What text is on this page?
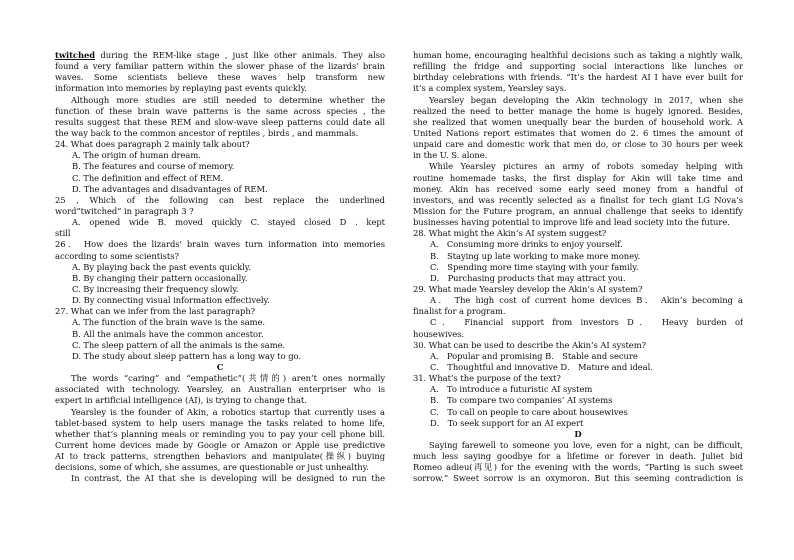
twitched during the REM-like stage , just like other animals. They also
found a very familiar pattern within the slower phase of the lizards' brain
waves. Some scientists believe these waves help transform new
information into memories by replaying past events quickly.
Although more studies are still needed to determine whether the
function of these brain wave patterns is the same across species , the
results suggest that these REM and slow-wave sleep patterns could date all
the way back to the common ancestor of reptiles , birds , and mammals.
24. What does paragraph 2 mainly talk about?
A. The origin of human dream.
B. The features and course of memory.
C. The definition and effect of REM.
D. The advantages and disadvantages of REM.
25 , Which of the following can best replace the underlined
word“twitched” in paragraph 3 ?
A. opened wide B. moved quickly C. stayed closed D . kept
still
26． How does the lizards' brain waves turn information into memories
according to some scientists?
A. By playing back the past events quickly.
B. By changing their pattern occasionally.
C. By increasing their frequency slowly.
D. By connecting visual information effectively.
27. What can we infer from the last paragraph?
A. The function of the brain wave is the same.
B. All the animals have the common ancestor.
C. The sleep pattern of all the animals is the same.
D. The study about sleep pattern has a long way to go.
C
The words “caring” and “empathetic”(共情的) aren’t ones normally
associated with technology. Yearsley, an Australian enterpriser who is
expert in artificial intelligence (AI), is trying to change that.
Yearsley is the founder of Akin, a robotics startup that currently uses a
tablet-based system to help users manage the tasks related to home life,
whether that’s planning meals or reminding you to pay your cell phone bill.
Current home devices made by Google or Amazon or Apple use predictive
AI to track patterns, strengthen behaviors and manipulate(操纵) buying
decisions, some of which, she assumes, are questionable or just unhealthy.
In contrast, the AI that she is developing will be designed to run the
human home, encouraging healthful decisions such as taking a nightly walk,
refilling the fridge and supporting social interactions like lunches or
birthday celebrations with friends. “It’s the hardest AI I have ever built for
it’s a complex system, Yearsley says.
Yearsley began developing the Akin technology in 2017, when she
realized the need to better manage the home is hugely ignored. Besides,
she realized that women unequally bear the burden of household work. A
United Nations report estimates that women do 2. 6 times the amount of
unpaid care and domestic work that men do, or close to 30 hours per week
in the U. S. alone.
While Yearsley pictures an army of robots someday helping with
routine homemade tasks, the first display for Akin will take time and
money. Akin has received some early seed money from a handful of
investors, and was recently selected as a finalist for tech giant LG Nova’s
Mission for the Future program, an annual challenge that seeks to identify
businesses having potential to improve life and lead society into the future.
28. What might the Akin’s AI system suggest?
A． Consuming more drinks to enjoy yourself.
B． Staying up late working to make more money.
C． Spending more time staying with your family.
D． Purchasing products that may attract you.
29. What made Yearsley develop the Akin’s AI system?
A． The high cost of current home devices B． Akin’s becoming a
finalist for a program.
C． Financial support from investors D． Heavy burden of
housewives.
30. What can be used to describe the Akin’s AI system?
A． Popular and promising B． Stable and secure
C． Thoughtful and innovative D． Mature and ideal.
31. What’s the purpose of the text?
A． To introduce a futuristic AI system
B． To compare two companies’ AI systems
C． To call on people to care about housewives
D． To seek support for an AI expert
D
Saying farewell to someone you love, even for a night, can be difficult,
much less saying goodbye for a lifetime or forever in death. Juliet bid
Romeo adieu(再见) for the evening with the words, “Parting is such sweet
sorrow.” Sweet sorrow is an oxymoron. But this seeming contradiction is
